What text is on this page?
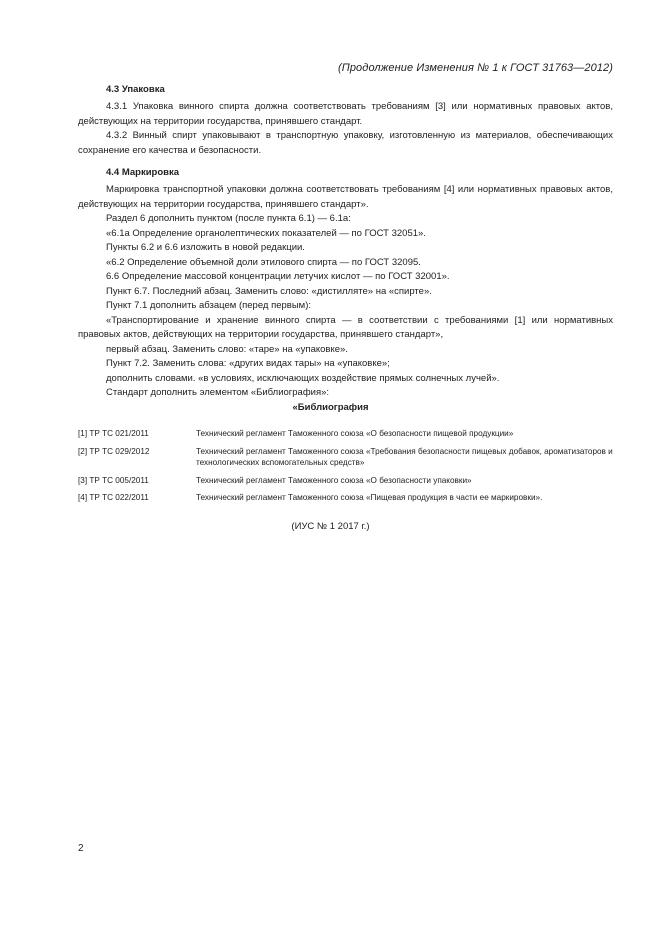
(Продолжение Изменения № 1 к ГОСТ 31763—2012)
4.3 Упаковка

4.3.1 Упаковка винного спирта должна соответствовать требованиям [3] или нормативных правовых актов, действующих на территории государства, принявшего стандарт.

4.3.2 Винный спирт упаковывают в транспортную упаковку, изготовленную из материалов, обеспечивающих сохранение его качества и безопасности.

4.4 Маркировка

Маркировка транспортной упаковки должна соответствовать требованиям [4] или нормативных правовых актов, действующих на территории государства, принявшего стандарт».

Раздел 6 дополнить пунктом (после пункта 6.1) — 6.1а:

«6.1а Определение органолептических показателей — по ГОСТ 32051».

Пункты 6.2 и 6.6 изложить в новой редакции.

«6.2 Определение объемной доли этилового спирта — по ГОСТ 32095.

6.6 Определение массовой концентрации летучих кислот — по ГОСТ 32001».

Пункт 6.7. Последний абзац. Заменить слово: «дистилляте» на «спирте».

Пункт 7.1 дополнить абзацем (перед первым):

«Транспортирование и хранение винного спирта — в соответствии с требованиями [1] или нормативных правовых актов, действующих на территории государства, принявшего стандарт»,

первый абзац. Заменить слово: «таре» на «упаковке».

Пункт 7.2. Заменить слова: «других видах тары» на «упаковке»;

дополнить словами. «в условиях, исключающих воздействие прямых солнечных лучей».

Стандарт дополнить элементом «Библиография»:

«Библиография
[1] ТР ТС 021/2011	Технический регламент Таможенного союза «О безопасности пищевой продукции»
[2] ТР ТС 029/2012	Технический регламент Таможенного союза «Требования безопасности пищевых добавок, ароматизаторов и технологических вспомогательных средств»
[3] ТР ТС 005/2011	Технический регламент Таможенного союза «О безопасности упаковки»
[4] ТР ТС 022/2011	Технический регламент Таможенного союза «Пищевая продукция в части ее маркировки».
(ИУС № 1 2017 г.)
2
